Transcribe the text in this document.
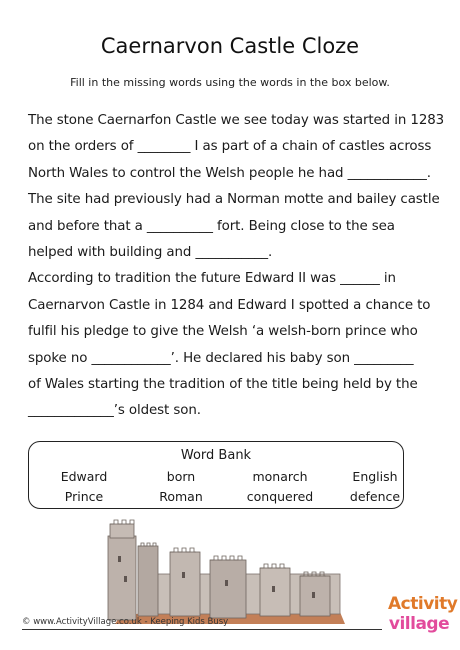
Caernarvon Castle Cloze
Fill in the missing words using the words in the box below.
The stone Caernarfon Castle we see today was started in 1283
on the orders of ________ I as part of a chain of castles across
North Wales to control the Welsh people he had ____________.
The site had previously had a Norman motte and bailey castle
and before that a __________ fort. Being close to the sea
helped with building and ___________.
According to tradition the future Edward II was ______ in
Caernarvon Castle in 1284 and Edward I spotted a chance to
fulfil his pledge to give the Welsh ‘a welsh-born prince who
spoke no ____________’. He declared his baby son _________
of Wales starting the tradition of the title being held by the
_____________’s oldest son.
Word Bank
Edward	born	monarch	English
Prince	Roman	conquered	defence
© www.ActivityVillage.co.uk - Keeping Kids Busy
Activity
village
